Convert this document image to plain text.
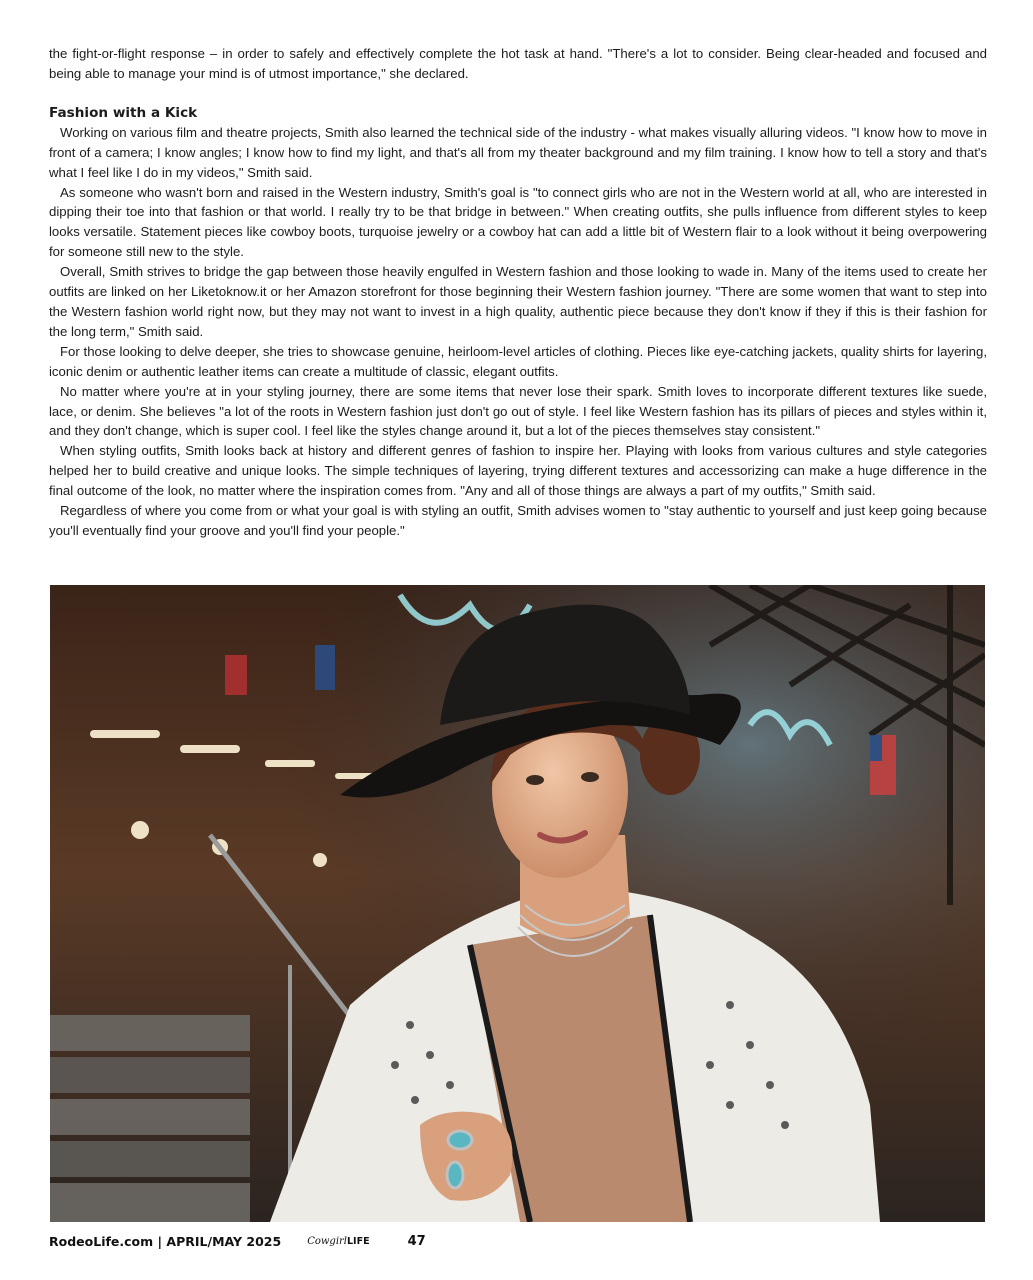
the fight-or-flight response – in order to safely and effectively complete the hot task at hand. "There's a lot to consider. Being clear-headed and focused and being able to manage your mind is of utmost importance," she declared.

Fashion with a Kick

Working on various film and theatre projects, Smith also learned the technical side of the industry - what makes visually alluring videos. "I know how to move in front of a camera; I know angles; I know how to find my light, and that's all from my theater background and my film training. I know how to tell a story and that's what I feel like I do in my videos," Smith said.

As someone who wasn't born and raised in the Western industry, Smith's goal is "to connect girls who are not in the Western world at all, who are interested in dipping their toe into that fashion or that world. I really try to be that bridge in between." When creating outfits, she pulls influence from different styles to keep looks versatile. Statement pieces like cowboy boots, turquoise jewelry or a cowboy hat can add a little bit of Western flair to a look without it being overpowering for someone still new to the style.

Overall, Smith strives to bridge the gap between those heavily engulfed in Western fashion and those looking to wade in. Many of the items used to create her outfits are linked on her Liketoknow.it or her Amazon storefront for those beginning their Western fashion journey. "There are some women that want to step into the Western fashion world right now, but they may not want to invest in a high quality, authentic piece because they don't know if they if this is their fashion for the long term," Smith said.

For those looking to delve deeper, she tries to showcase genuine, heirloom-level articles of clothing. Pieces like eye-catching jackets, quality shirts for layering, iconic denim or authentic leather items can create a multitude of classic, elegant outfits.

No matter where you're at in your styling journey, there are some items that never lose their spark. Smith loves to incorporate different textures like suede, lace, or denim. She believes "a lot of the roots in Western fashion just don't go out of style. I feel like Western fashion has its pillars of pieces and styles within it, and they don't change, which is super cool. I feel like the styles change around it, but a lot of the pieces themselves stay consistent."

When styling outfits, Smith looks back at history and different genres of fashion to inspire her. Playing with looks from various cultures and style categories helped her to build creative and unique looks. The simple techniques of layering, trying different textures and accessorizing can make a huge difference in the final outcome of the look, no matter where the inspiration comes from. "Any and all of those things are always a part of my outfits," Smith said.

Regardless of where you come from or what your goal is with styling an outfit, Smith advises women to "stay authentic to yourself and just keep going because you'll eventually find your groove and you'll find your people."

RodeoLife.com | APRIL/MAY 2025	Cowgirl LIFE	47
